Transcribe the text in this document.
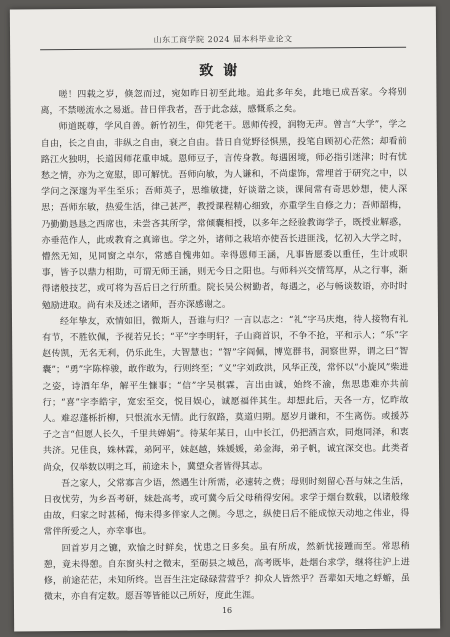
山东工商学院 2024 届本科毕业论文
致谢

嗟！四载之岁，倏忽而过，宛如昨日初至此地。追此多年矣，此地已成吾家。今将别离，不禁嗟流水之易逝。昔日伴我者，吾于此念兹，感慨系之矣。

师道既尊，学风自善。新竹初生，仰凭老干。恩师传授，润物无声。曾言“大学”，学之自由，长之自由，非纵之自由，衰之自由。昔日自觉野径惧黑，投笔自顾初心茫然；却看前路江火独明，长道因师花重申城。恩师豆子，言传身教。每遇困境，师必指引迷津；时有忧愁之情，亦为之宽慰，即可解忧。吾师向敏，为人谦和，不尚虚饰，常埋首于研究之中，以学问之深邃为平生至乐；吾师英子，思维敏捷，好谈谐之谈，课间常有奇思妙想，使人深思；吾师东敏，热爱生活，律己甚严，教授课程精心细致，亦重学生自修之力；吾师韶梅，乃勤勤恳恳之西席也，未尝吝其所学，常倾囊相授，以多年之经验教诲学子，既授业解惑，亦垂范作人，此或教育之真谛也。学之外，诸师之栽培亦使吾长进匪浅，忆初入大学之时，懵然无知，见同窗之卓尔，常感自愧弗如。幸得恩师王涵，凡事皆愿委以重任，生计或职事，皆予以鼎力相助，可谓无师王涵，则无今日之阳也。与师科兴交情笃厚，从之行事，渐得诸般技艺，或可将为吾后日之行所重。院长吴公树勤者，每遇之，必与畅谈数语，亦时时勉励进取。尚有未及述之诸师，吾亦深感谢之。

经年挚友，欢情如旧，微斯人，吾谁与归？一言以志之：“礼”字马庆炮，待人接物有礼有节，不胜钦佩，予视若兄长；“平”字李明轩，子山商首识，不争不抢，平和示人；“乐”字赵传凯，无名无利，仍乐此生，大智慧也；“智”字阎佩，博览群书，洞察世界，谓之曰“智囊”；“勇”字陈梓骏，敢作敢为，行则终至；“义”字刘政洪，风华正茂，常怀以“小旋风”柴进之姿，诗酒年华，解平生慷事；“信”字吴棋霖，言出由诚，始终不渝，焦思患难亦共前行；“喜”字李皓宇，宽宏至交，悦目娱心，诚愿福伴其生。却想此后，天各一方，忆昨故人。难忍蓬栎折柳，只恨流水无情。此行叙路，莫道归期。愿岁月谦和，不生离伤。或援苏子之言“但愿人长久，千里共婵娟”。待某年某日，山中长江，仍把酒言欢，同炮同泽，和衷共济。兄佳良，姝林霖，弟阿平，妹赵越，姝媛媛，弟金海，弟子帆，诚宜深交也。此类者尚众，仅举数以明之耳，前途未卜，冀望众者皆得其志。

吾之家人，父常寡言少语，然遇生计所需，必速转之费；母则时刻留心吾与妹之生活，日夜忧劳，为乡吾考研，妹赴高考，或可冀今后父母稍得安闲。求学于烟台数载，以诸般缘由故，归家之时甚稀，悔未得多伴家人之侧。今思之，纵使日后不能成惊天动地之伟业，得常伴所爱之人，亦幸事也。

回首岁月之镳，欢愉之时鲜矣，忧患之日多矣。虽有所成，然新忧接踵而至。常思稍憩，竟未得憩。自东窗头村之微末，至砺县之城邑，高考既毕，赴烟台求学，继将往沪上进修，前途茫茫，未知所终。岂吾生注定碌碌营营乎？抑众人皆然乎？吾辈如天地之蜉蝣，虽微末，亦自有定数。愿吾等皆能以己所好，度此生涯。

16
